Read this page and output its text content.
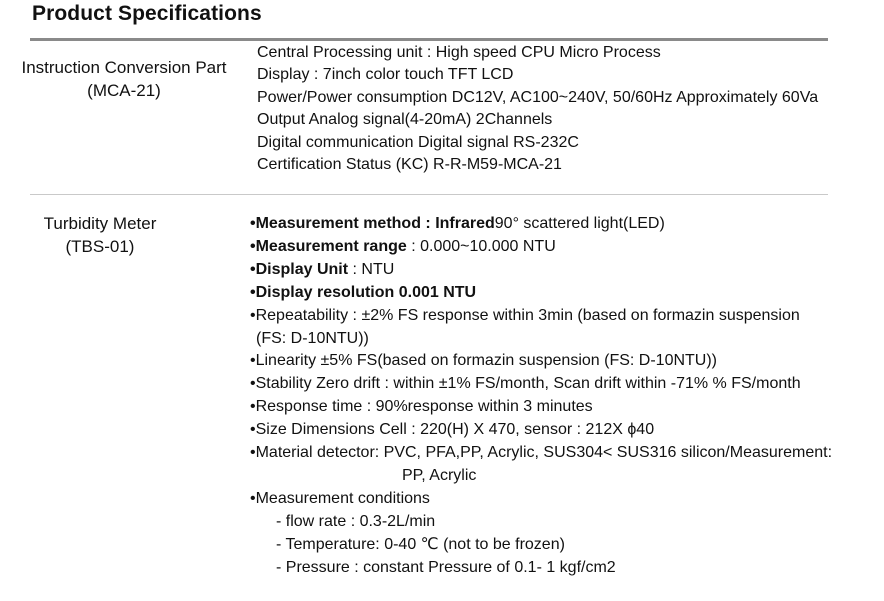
Product Specifications
Instruction Conversion Part
(MCA-21)
Central Processing unit : High speed CPU Micro Process
Display : 7inch color touch TFT LCD
Power/Power consumption DC12V, AC100~240V, 50/60Hz Approximately 60Va
Output Analog signal(4-20mA) 2Channels
Digital communication Digital signal RS-232C
Certification Status (KC) R-R-M59-MCA-21
Turbidity Meter
(TBS-01)
•Measurement method : Infrared90° scattered light(LED)
•Measurement range : 0.000~10.000 NTU
•Display Unit : NTU
•Display resolution 0.001 NTU
•Repeatability : ±2% FS response within 3min (based on formazin suspension
(FS: D-10NTU))
•Linearity ±5% FS(based on formazin suspension (FS: D-10NTU))
•Stability Zero drift : within ±1% FS/month, Scan drift within -71% % FS/month
•Response time : 90%response within 3 minutes
•Size Dimensions Cell : 220(H) X 470, sensor : 212X ϕ40
•Material detector: PVC, PFA,PP, Acrylic, SUS304< SUS316 silicon/Measurement:
PP, Acrylic
•Measurement conditions
- flow rate : 0.3-2L/min
- Temperature: 0-40 ℃ (not to be frozen)
- Pressure : constant Pressure of 0.1- 1 kgf/cm2
